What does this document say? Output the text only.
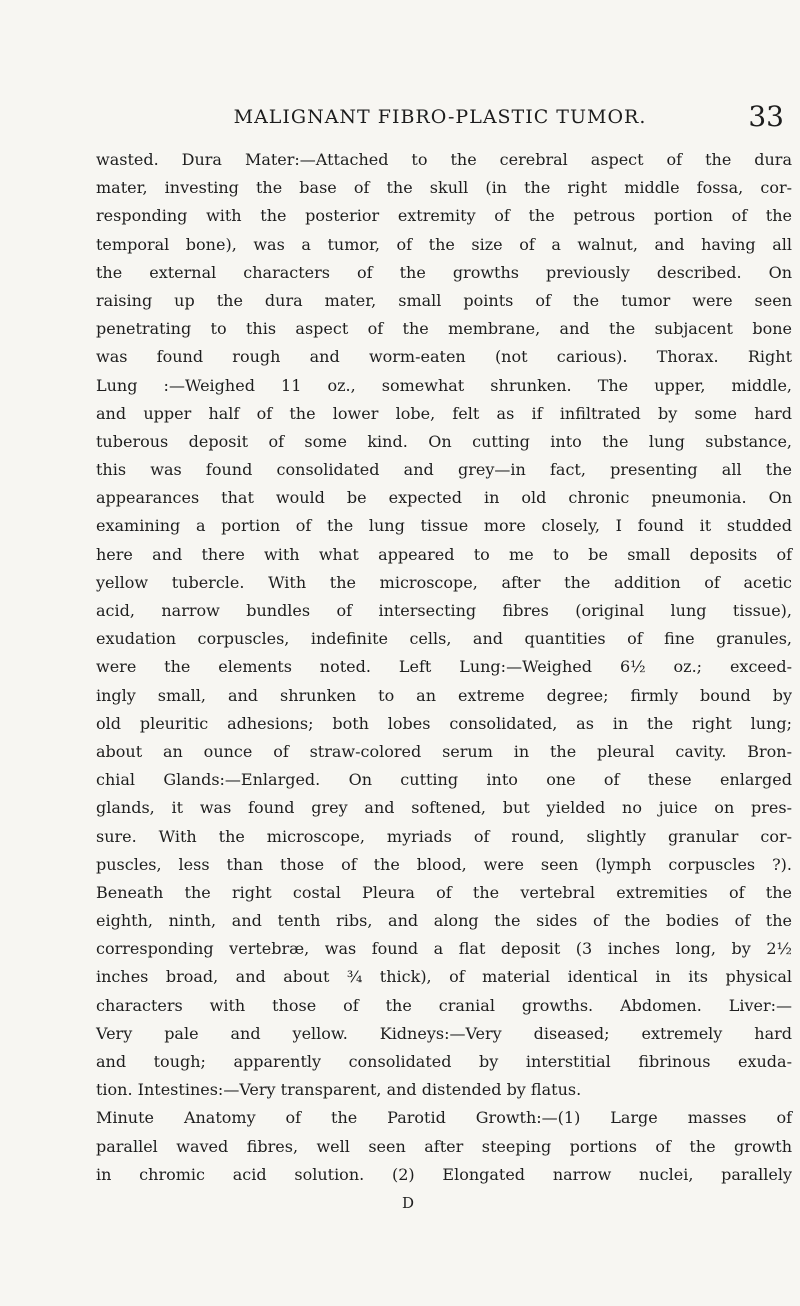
MALIGNANT FIBRO-PLASTIC TUMOR.	33
wasted. Dura Mater:—Attached to the cerebral aspect of the dura
mater, investing the base of the skull (in the right middle fossa, cor-
responding with the posterior extremity of the petrous portion of the
temporal bone), was a tumor, of the size of a walnut, and having all
the external characters of the growths previously described. On
raising up the dura mater, small points of the tumor were seen
penetrating to this aspect of the membrane, and the subjacent bone
was found rough and worm-eaten (not carious). Thorax. Right
Lung :—Weighed 11 oz., somewhat shrunken. The upper, middle,
and upper half of the lower lobe, felt as if infiltrated by some hard
tuberous deposit of some kind. On cutting into the lung substance,
this was found consolidated and grey—in fact, presenting all the
appearances that would be expected in old chronic pneumonia. On
examining a portion of the lung tissue more closely, I found it studded
here and there with what appeared to me to be small deposits of
yellow tubercle. With the microscope, after the addition of acetic
acid, narrow bundles of intersecting fibres (original lung tissue),
exudation corpuscles, indefinite cells, and quantities of fine granules,
were the elements noted. Left Lung:—Weighed 6½ oz.; exceed-
ingly small, and shrunken to an extreme degree; firmly bound by
old pleuritic adhesions; both lobes consolidated, as in the right lung;
about an ounce of straw-colored serum in the pleural cavity. Bron-
chial Glands:—Enlarged. On cutting into one of these enlarged
glands, it was found grey and softened, but yielded no juice on pres-
sure. With the microscope, myriads of round, slightly granular cor-
puscles, less than those of the blood, were seen (lymph corpuscles ?).
Beneath the right costal Pleura of the vertebral extremities of the
eighth, ninth, and tenth ribs, and along the sides of the bodies of the
corresponding vertebræ, was found a flat deposit (3 inches long, by 2½
inches broad, and about ¾ thick), of material identical in its physical
characters with those of the cranial growths. Abdomen. Liver:—
Very pale and yellow. Kidneys:—Very diseased; extremely hard
and tough; apparently consolidated by interstitial fibrinous exuda-
tion. Intestines:—Very transparent, and distended by flatus.
Minute Anatomy of the Parotid Growth:—(1) Large masses of
parallel waved fibres, well seen after steeping portions of the growth
in chromic acid solution. (2) Elongated narrow nuclei, parallely
D
